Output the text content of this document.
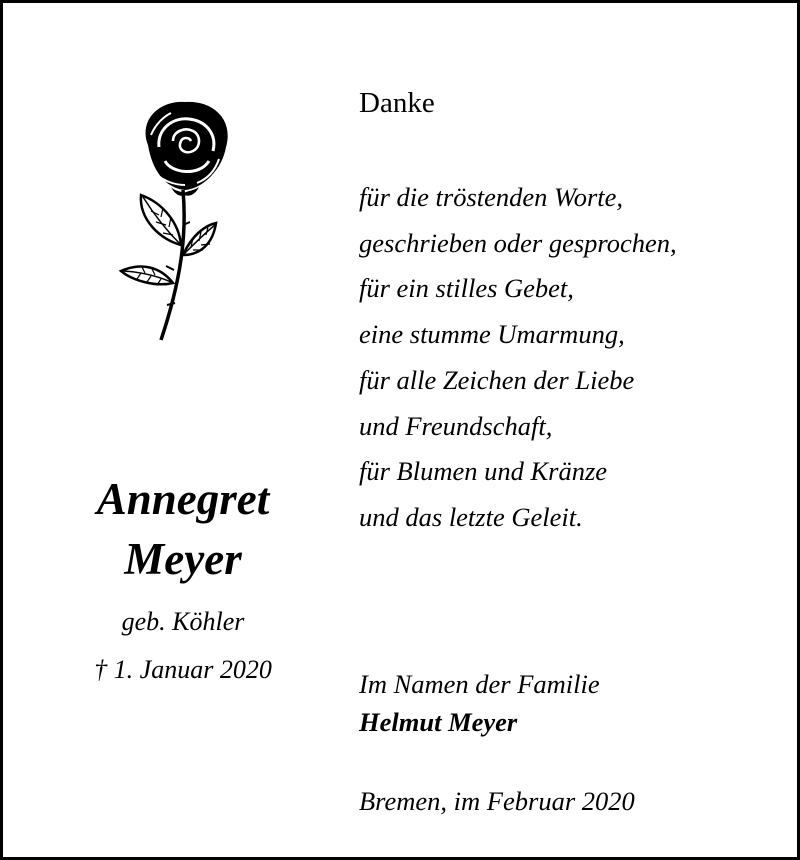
Annegret
Meyer
geb. Köhler
† 1. Januar 2020
Danke
für die tröstenden Worte,
geschrieben oder gesprochen,
für ein stilles Gebet,
eine stumme Umarmung,
für alle Zeichen der Liebe
und Freundschaft,
für Blumen und Kränze
und das letzte Geleit.
Im Namen der Familie
Helmut Meyer
Bremen, im Februar 2020
